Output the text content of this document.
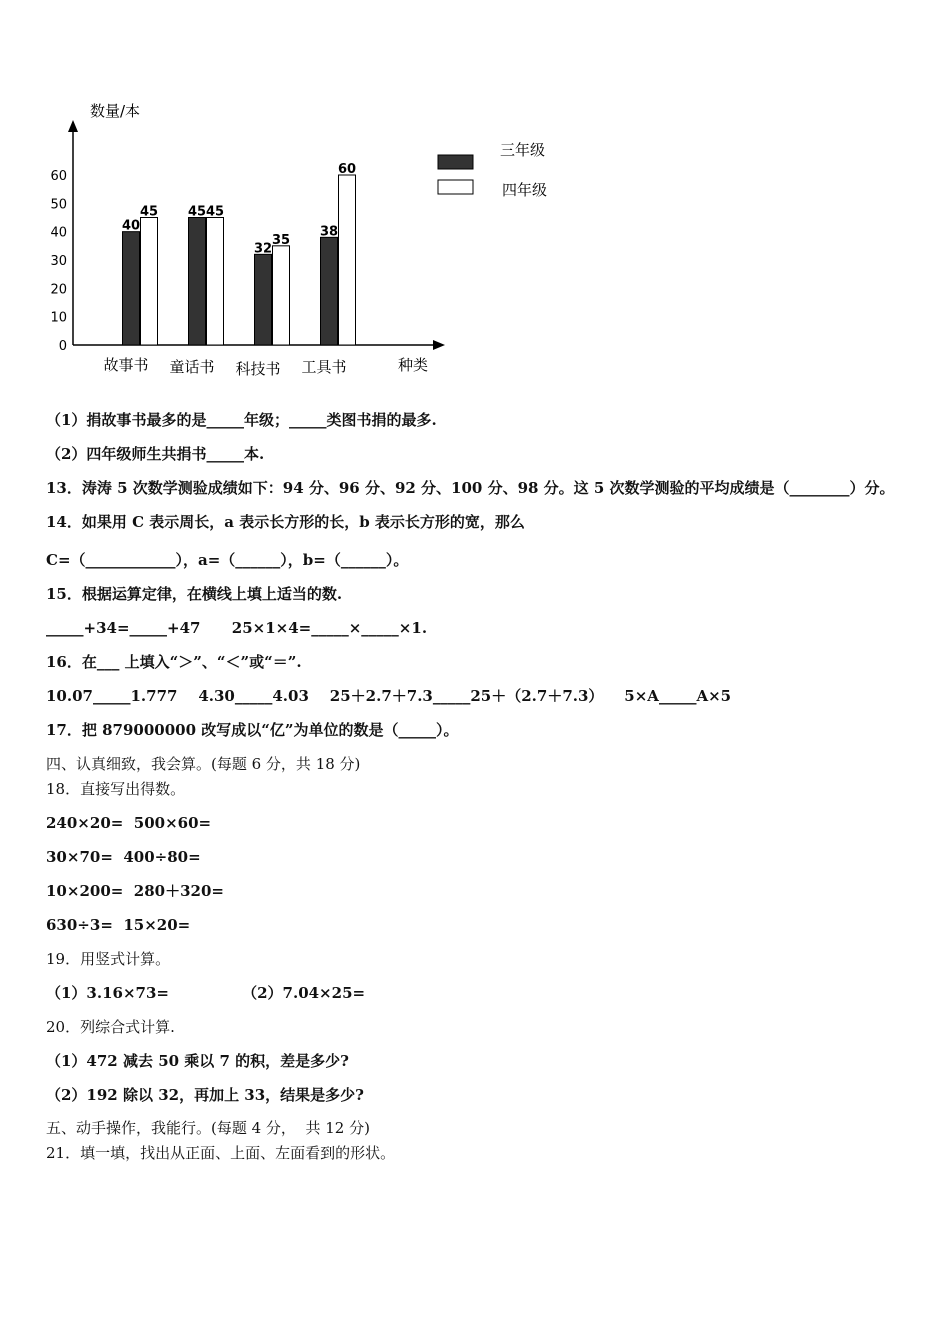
数量/本
种类
0
10
20
30
40
50
60
40
45 45 45
32
35
38
60
故事书 童话书 科技书 工具书
三年级
四年级
（1）捐故事书最多的是_____年级；_____类图书捐的最多.
（2）四年级师生共捐书_____本.
13．涛涛 5 次数学测验成绩如下：94 分、96 分、92 分、100 分、98 分。这 5 次数学测验的平均成绩是（________）分。
14．如果用 C 表示周长，a 表示长方形的长，b 表示长方形的宽，那么
C=（____________），a=（______），b=（______）。
15．根据运算定律，在横线上填上适当的数.
_____+34=_____+47      25×1×4=_____×_____×1.
16．在___ 上填入“＞”、“＜”或“＝”.
10.07_____1.777    4.30_____4.03    25＋2.7＋7.3_____25＋（2.7＋7.3）    5×A_____A×5
17．把 879000000 改写成以“亿”为单位的数是（_____）。
四、认真细致，我会算。(每题 6 分，共 18 分)
18．直接写出得数。
240×20=  500×60=
30×70=  400÷80=
10×200=  280＋320=
630÷3=  15×20=
19．用竖式计算。
（1）3.16×73=              （2）7.04×25=
20．列综合式计算.
（1）472 减去 50 乘以 7 的积，差是多少?
（2）192 除以 32，再加上 33，结果是多少?
五、动手操作，我能行。(每题 4 分，  共 12 分)
21．填一填，找出从正面、上面、左面看到的形状。
